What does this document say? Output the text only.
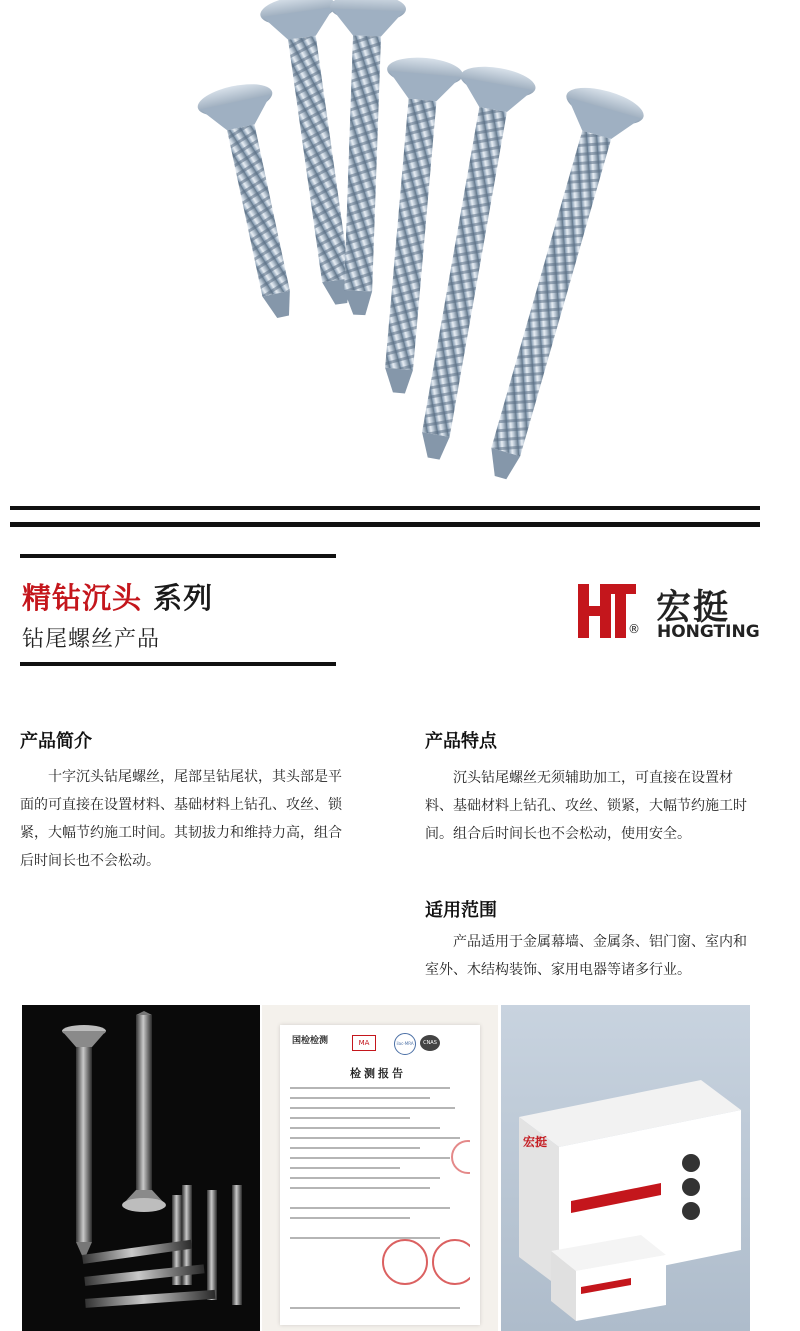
精钻沉头 系列
钻尾螺丝产品	®
宏挺
HONGTING
产品简介
十字沉头钻尾螺丝，尾部呈钻尾状，其头部是平面的可直接在设置材料、基础材料上钻孔、攻丝、锁紧，大幅节约施工时间。其韧拔力和维持力高，组合后时间长也不会松动。
产品特点
沉头钻尾螺丝无须辅助加工，可直接在设置材料、基础材料上钻孔、攻丝、锁紧，大幅节约施工时间。组合后时间长也不会松动，使用安全。
适用范围
产品适用于金属幕墙、金属条、铝门窗、室内和室外、木结构装饰、家用电器等诸多行业。
国检检测	MA	ilac-MRA	CNAS
检测报告
宏挺
